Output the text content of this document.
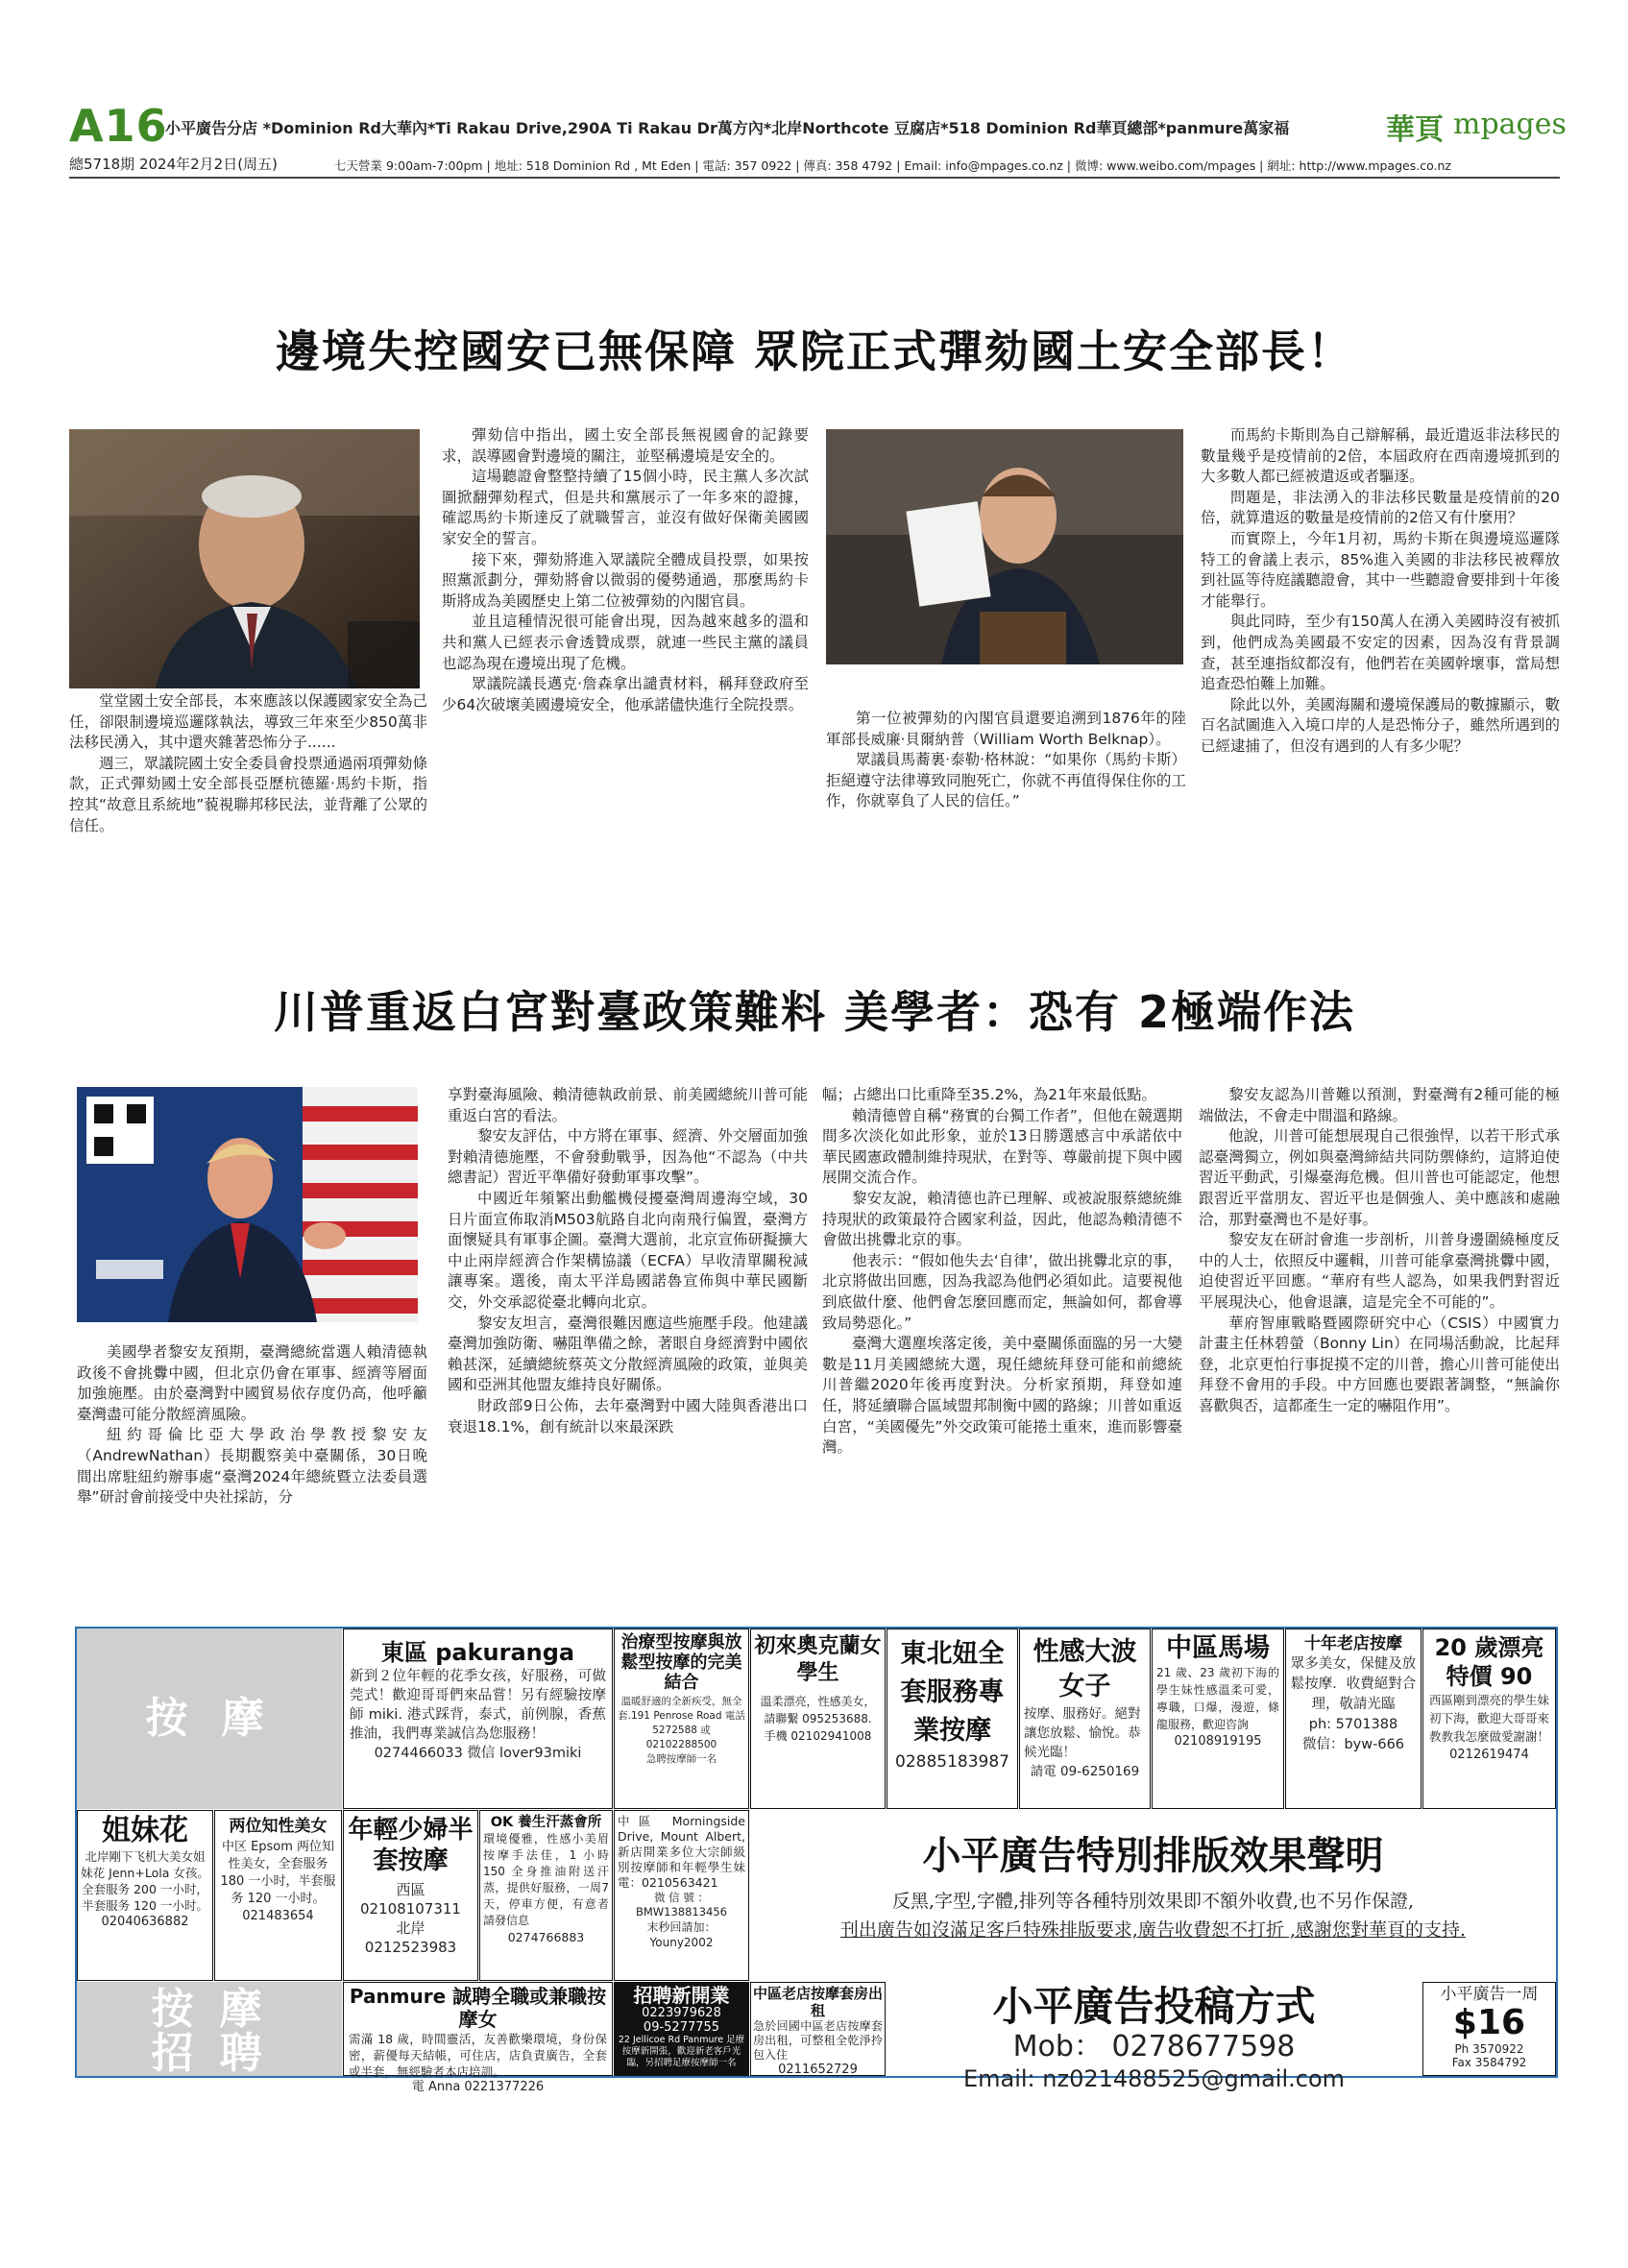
A16
小平廣告分店 *Dominion Rd大華內*Ti Rakau Drive,290A Ti Rakau Dr萬方內*北岸Northcote 豆腐店*518 Dominion Rd華頁總部*panmure萬家福	華頁 mpages
總5718期 2024年2月2日(周五)	七天營業 9:00am-7:00pm | 地址: 518 Dominion Rd , Mt Eden | 電話: 357 0922 | 傳真: 358 4792 | Email: info@mpages.co.nz | 微博: www.weibo.com/mpages | 網址: http://www.mpages.co.nz
邊境失控國安已無保障 眾院正式彈劾國土安全部長！

堂堂國土安全部長，本來應該以保護國家安全為己任，卻限制邊境巡邏隊執法，導致三年來至少850萬非法移民湧入，其中還夾雜著恐怖分子......

週三，眾議院國土安全委員會投票通過兩項彈劾條款，正式彈劾國土安全部長亞歷杭德羅·馬約卡斯，指控其“故意且系統地”藐視聯邦移民法，並背離了公眾的信任。

彈劾信中指出，國土安全部長無視國會的記錄要求，誤導國會對邊境的關注，並堅稱邊境是安全的。

這場聽證會整整持續了15個小時，民主黨人多次試圖掀翻彈劾程式，但是共和黨展示了一年多來的證據，確認馬約卡斯達反了就職誓言，並沒有做好保衛美國國家安全的誓言。

接下來，彈劾將進入眾議院全體成員投票，如果按照黨派劃分，彈劾將會以微弱的優勢通過，那麼馬約卡斯將成為美國歷史上第二位被彈劾的內閣官員。

並且這種情況很可能會出現，因為越來越多的溫和共和黨人已經表示會透贊成票，就連一些民主黨的議員也認為現在邊境出現了危機。

眾議院議長邁克·詹森拿出譴責材料，稱拜登政府至少64次破壞美國邊境安全，他承諾儘快進行全院投票。

第一位被彈劾的內閣官員還要追溯到1876年的陸軍部長威廉·貝爾納普（William Worth Belknap）。

眾議員馬蕎裏·泰勒·格林說：“如果你（馬約卡斯）拒絕遵守法律導致同胞死亡，你就不再值得保住你的工作，你就辜負了人民的信任。”

而馬約卡斯則為自己辯解稱，最近遣返非法移民的數量幾乎是疫情前的2倍，本屆政府在西南邊境抓到的大多數人都已經被遣返或者驅逐。

問題是，非法湧入的非法移民數量是疫情前的20倍，就算遣返的數量是疫情前的2倍又有什麼用？

而實際上，今年1月初，馬約卡斯在與邊境巡邏隊特工的會議上表示，85%進入美國的非法移民被釋放到社區等待庭議聽證會，其中一些聽證會要排到十年後才能舉行。

與此同時，至少有150萬人在湧入美國時沒有被抓到，他們成為美國最不安定的因素，因為沒有背景調查，甚至連指紋都沒有，他們若在美國幹壞事，當局想追查恐怕難上加難。

除此以外，美國海關和邊境保護局的數據顯示，數百名試圖進入入境口岸的人是恐怖分子，雖然所遇到的已經逮捕了，但沒有遇到的人有多少呢？

川普重返白宮對臺政策難料 美學者：恐有 2極端作法

美國學者黎安友預期，臺灣總統當選人賴清德執政後不會挑釁中國，但北京仍會在軍事、經濟等層面加強施壓。由於臺灣對中國貿易依存度仍高，他呼籲臺灣盡可能分散經濟風險。

紐約哥倫比亞大學政治學教授黎安友（AndrewNathan）長期觀察美中臺關係，30日晚間出席駐紐約辦事處“臺灣2024年總統暨立法委員選舉”研討會前接受中央社採訪，分

享對臺海風險、賴清德執政前景、前美國總統川普可能重返白宮的看法。

黎安友評估，中方將在軍事、經濟、外交層面加強對賴清德施壓，不會發動戰爭，因為他“不認為（中共總書記）習近平準備好發動軍事攻擊”。

中國近年頻繁出動艦機侵擾臺灣周邊海空域，30日片面宣佈取消M503航路自北向南飛行偏置，臺灣方面懷疑具有軍事企圖。臺灣大選前，北京宣佈研擬擴大中止兩岸經濟合作架構協議（ECFA）早收清單關稅減讓專案。選後，南太平洋島國諾魯宣佈與中華民國斷交，外交承認從臺北轉向北京。

黎安友坦言，臺灣很難因應這些施壓手段。他建議臺灣加強防衛、嚇阻準備之餘，著眼自身經濟對中國依賴甚深，延續總統蔡英文分散經濟風險的政策，並與美國和亞洲其他盟友維持良好關係。

財政部9日公佈，去年臺灣對中國大陸與香港出口衰退18.1%，創有統計以來最深跌

幅；占總出口比重降至35.2%，為21年來最低點。

賴清德曾自稱“務實的台獨工作者”，但他在競選期間多次淡化如此形象，並於13日勝選感言中承諾依中華民國憲政體制維持現狀，在對等、尊嚴前提下與中國展開交流合作。

黎安友說，賴清德也許已理解、或被說服蔡總統維持現狀的政策最符合國家利益，因此，他認為賴清德不會做出挑釁北京的事。

他表示：“假如他失去‘自律’，做出挑釁北京的事，北京將做出回應，因為我認為他們必須如此。這要視他到底做什麼、他們會怎麼回應而定，無論如何，都會導致局勢惡化。”

臺灣大選塵埃落定後，美中臺關係面臨的另一大變數是11月美國總統大選，現任總統拜登可能和前總統川普繼2020年後再度對決。分析家預期，拜登如連任，將延續聯合區域盟邦制衡中國的路線；川普如重返白宮，“美國優先”外交政策可能捲土重來，進而影響臺灣。

黎安友認為川普難以預測，對臺灣有2種可能的極端做法，不會走中間溫和路線。

他說，川普可能想展現自己很強悍，以若干形式承認臺灣獨立，例如與臺灣締結共同防禦條約，這將迫使習近平動武，引爆臺海危機。但川普也可能認定，他想跟習近平當朋友、習近平也是個強人、美中應該和處融洽，那對臺灣也不是好事。

黎安友在研討會進一步剖析，川普身邊圍繞極度反中的人士，依照反中邏輯，川普可能拿臺灣挑釁中國，迫使習近平回應。“華府有些人認為，如果我們對習近平展現決心，他會退讓，這是完全不可能的”。

華府智庫戰略暨國際研究中心（CSIS）中國實力計畫主任林碧螢（Bonny Lin）在同場活動說，比起拜登，北京更怕行事捉摸不定的川普，擔心川普可能使出拜登不會用的手段。中方回應也要跟著調整，“無論你喜歡與否，這都產生一定的嚇阻作用”。

按 摩
東區 pakuranga
新到２位年輕的花季女孩，好服務，可做莞式！歡迎哥哥們來品嘗！另有經驗按摩師 miki. 港式踩背，泰式，前例腺，香蕉推油，我們專業誠信為您服務！
0274466033 微信 lover93miki
治療型按摩與放鬆型按摩的完美結合
溫暖舒適的全新疾受，無全套.191 Penrose Road 電話 5272588 或 02102288500
急聘按摩師一名
初來奧克蘭女學生
溫柔漂亮，性感美女，
請聯繫 095253688.
手機 02102941008
東北妞全套服務專業按摩
02885183987
性感大波女子
按摩、服務好。絕對讓您放鬆、愉悅。恭候光臨！
請電 09-6250169
中區馬場
21 歲、23 歲初下海的學生妹性感溫柔可愛，專職，口爆，漫遊，條龍服務，歡迎咨詢
02108919195
十年老店按摩
眾多美女，保健及放鬆按摩．收費絕對合理，敬請光臨
ph: 5701388
微信：byw-666
20 歲漂亮特價 90
西區剛到漂亮的學生妹初下海，歡迎大哥哥來教教我怎麼做愛謝謝！
0212619474
姐妹花
北岸剛下飞机大美女姐妹花 Jenn+Lola 女孩。全套服务 200 一小时，半套服务 120 一小时。
02040636882
两位知性美女
中区 Epsom 两位知性美女，全套服务 180 一小时，半套服务 120 一小时。
021483654
年輕少婦半套按摩
西區
02108107311
北岸
0212523983
OK 養生汗蒸會所
環境優雅，性感小美眉按摩手法佳，1 小時 150 全身推油附送汗蒸，提供好服務，一周7天，停車方便，有意者請發信息
0274766883
中區 Morningside Drive, Mount Albert, 新店開業多位大宗師級別按摩師和年輕學生妹電：0210563421
微 信 號 ：BMW138813456
末秒回請加：Youny2002
小平廣告特別排版效果聲明
反黑,字型,字體,排列等各種特別效果即不額外收費,也不另作保證,
刊出廣告如沒滿足客戶特殊排版要求,廣告收費恕不打折 ,感謝您對華頁的支持.
按 摩
招 聘
Panmure 誠聘全職或兼職按摩女
需滿 18 歲，時間靈活，友善歡樂環境，身份保密，薪優每天結帳，可住店，店負責廣告，全套或半套，無經驗者本店培訓。
電 Anna 0221377226
招聘新開業
0223979628
09-5277755
22 Jellicoe Rd Panmure 足療按摩新開張，歡迎新老客戶光臨，另招聘足療按摩師一名
中區老店按摩套房出租
急於回國中區老店按摩套房出租，可整租全乾淨拎包入住
0211652729
小平廣告投稿方式
Mob： 0278677598
Email: nz021488525@gmail.com
小平廣告一周
$16
Ph 3570922
Fax 3584792
